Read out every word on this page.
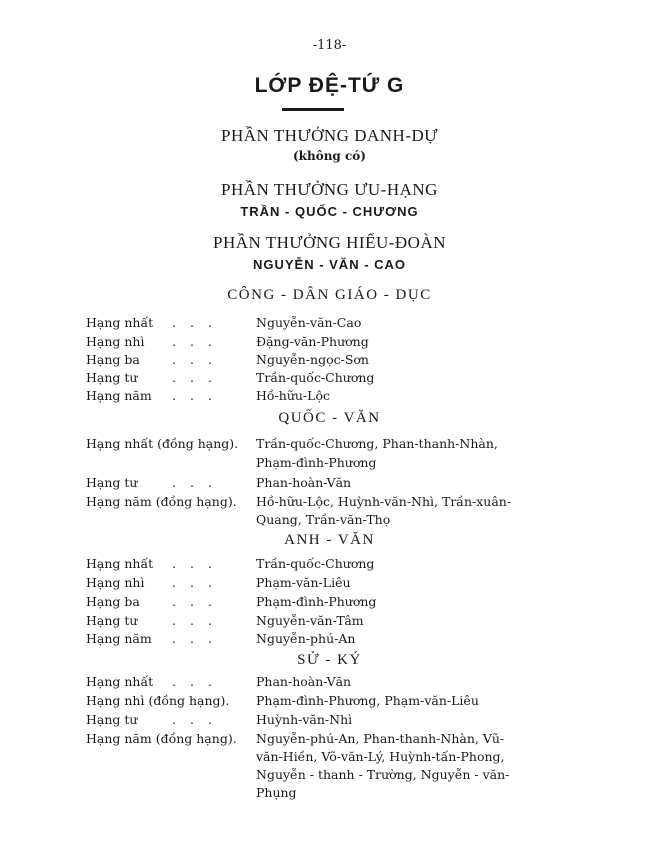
-118-
LỚP ĐỆ-TỨ G
PHẦN THƯỞNG DANH-DỰ
(không có)
PHẦN THƯỞNG ƯU-HẠNG
TRẦN - QUỐC - CHƯƠNG
PHẦN THƯỞNG HIẾU-ĐOÀN
NGUYỄN - VĂN - CAO
CÔNG - DÂN GIÁO - DỤC
Hạng nhất ... Nguyễn-văn-Cao
Hạng nhì ... Đặng-văn-Phương
Hạng ba	... Nguyễn-ngọc-Sơn
Hạng tư	... Trần-quốc-Chương
Hạng năm ... Hồ-hữu-Lộc
QUỐC - VĂN
Hạng nhất (đồng hạng). Trần-quốc-Chương, Phan-thanh-Nhàn,
Phạm-đình-Phương
Hạng tư	... Phan-hoàn-Văn
Hạng năm (đồng hạng). Hồ-hữu-Lộc, Huỳnh-văn-Nhì, Trần-xuân-
Quang, Trần-văn-Thọ
ANH - VĂN
Hạng nhất ... Trần-quốc-Chương
Hạng nhì ... Phạm-văn-Liêu
Hạng ba	... Phạm-đình-Phương
Hạng tư	... Nguyễn-văn-Tâm
Hạng năm ... Nguyễn-phú-An
SỬ - KÝ
Hạng nhất ... Phan-hoàn-Văn
Hạng nhì (đồng hạng). Phạm-đình-Phương, Phạm-văn-Liêu
Hạng tư	... Huỳnh-văn-Nhì
Hạng năm (đồng hạng). Nguyễn-phú-An, Phan-thanh-Nhàn, Vũ-
văn-Hiền, Võ-văn-Lý, Huỳnh-tấn-Phong,
Nguyễn - thanh - Trường, Nguyễn - văn-
Phụng
